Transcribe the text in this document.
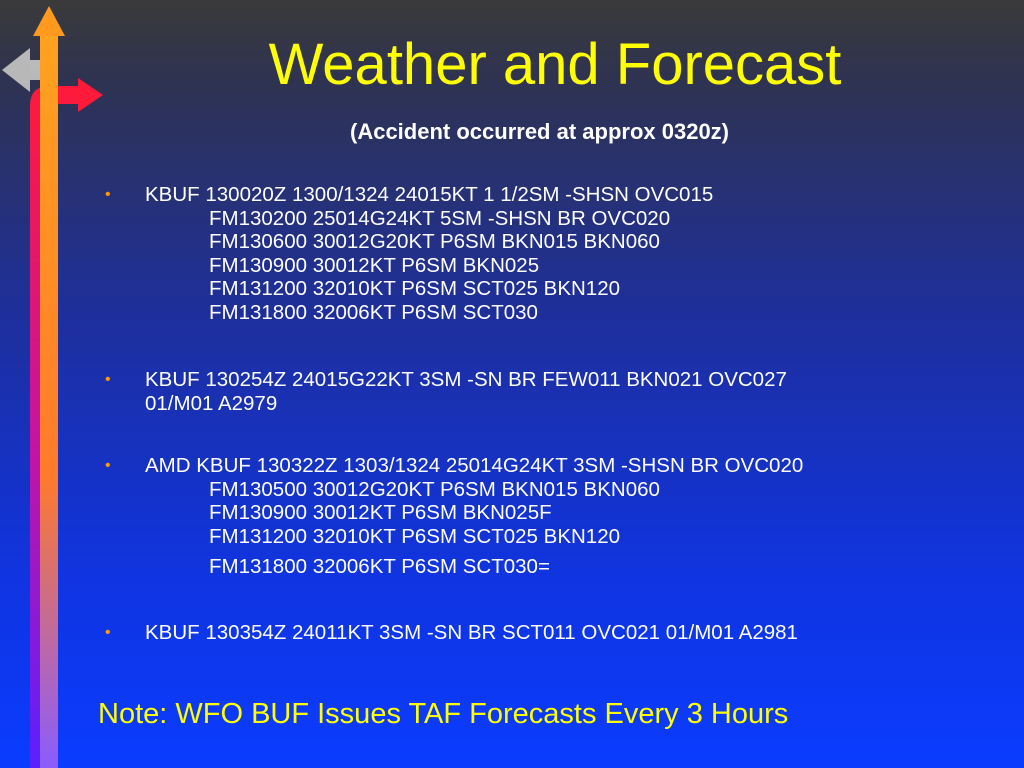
Weather and Forecast
(Accident occurred at approx 0320z)
• KBUF 130020Z 1300/1324 24015KT 1 1/2SM -SHSN OVC015
FM130200 25014G24KT 5SM -SHSN BR OVC020
FM130600 30012G20KT P6SM BKN015 BKN060
FM130900 30012KT P6SM BKN025
FM131200 32010KT P6SM SCT025 BKN120
FM131800 32006KT P6SM SCT030
• KBUF 130254Z 24015G22KT 3SM -SN BR FEW011 BKN021 OVC027
01/M01 A2979
• AMD KBUF 130322Z 1303/1324 25014G24KT 3SM -SHSN BR OVC020
FM130500 30012G20KT P6SM BKN015 BKN060
FM130900 30012KT P6SM BKN025F
FM131200 32010KT P6SM SCT025 BKN120
FM131800 32006KT P6SM SCT030=
• KBUF 130354Z 24011KT 3SM -SN BR SCT011 OVC021 01/M01 A2981
Note: WFO BUF Issues TAF Forecasts Every 3 Hours
